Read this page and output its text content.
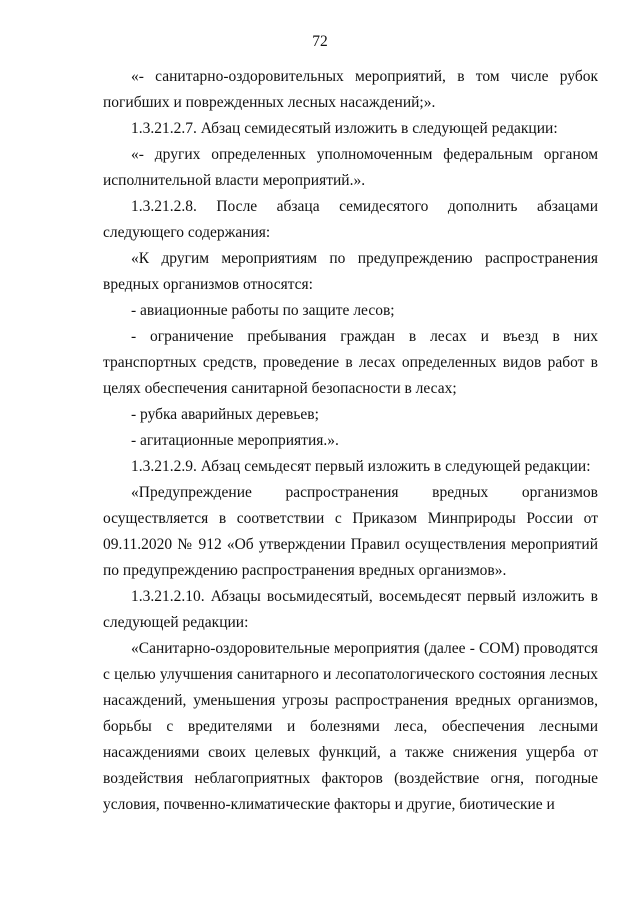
72

«- санитарно-оздоровительных мероприятий, в том числе рубок погибших и поврежденных лесных насаждений;».

1.3.21.2.7. Абзац семидесятый изложить в следующей редакции:

«- других определенных уполномоченным федеральным органом исполнительной власти мероприятий.».

1.3.21.2.8. После абзаца семидесятого дополнить абзацами следующего содержания:

«К другим мероприятиям по предупреждению распространения вредных организмов относятся:

- авиационные работы по защите лесов;

- ограничение пребывания граждан в лесах и въезд в них транспортных средств, проведение в лесах определенных видов работ в целях обеспечения санитарной безопасности в лесах;

- рубка аварийных деревьев;

- агитационные мероприятия.».

1.3.21.2.9. Абзац семьдесят первый изложить в следующей редакции:

«Предупреждение распространения вредных организмов осуществляется в соответствии с Приказом Минприроды России от 09.11.2020 № 912 «Об утверждении Правил осуществления мероприятий по предупреждению распространения вредных организмов».

1.3.21.2.10. Абзацы восьмидесятый, восемьдесят первый изложить в следующей редакции:

«Санитарно-оздоровительные мероприятия (далее - СОМ) проводятся с целью улучшения санитарного и лесопатологического состояния лесных насаждений, уменьшения угрозы распространения вредных организмов, борьбы с вредителями и болезнями леса, обеспечения лесными насаждениями своих целевых функций, а также снижения ущерба от воздействия неблагоприятных факторов (воздействие огня, погодные условия, почвенно-климатические факторы и другие, биотические и
